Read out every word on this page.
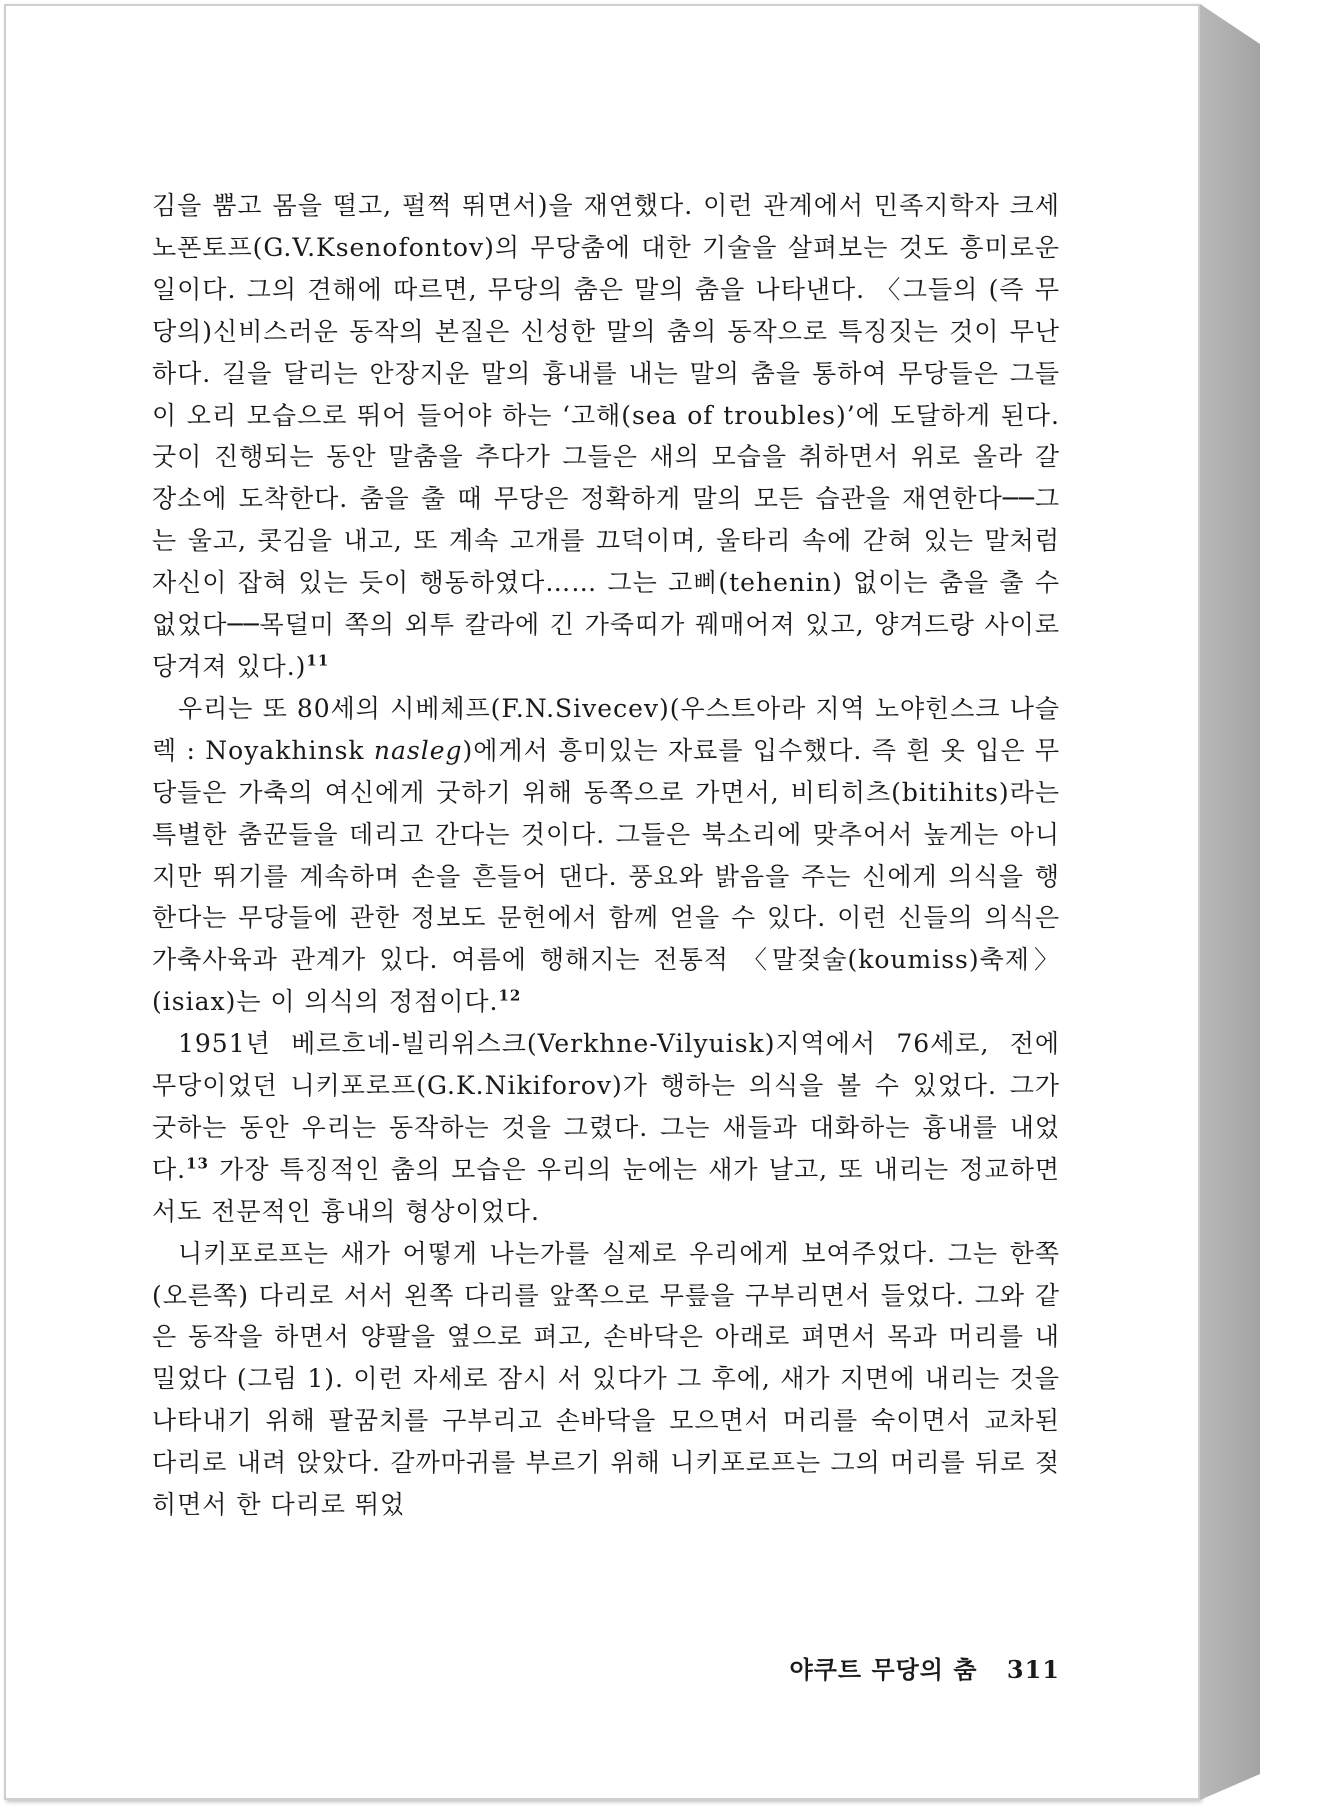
김을 뿜고 몸을 떨고, 펄쩍 뛰면서)을 재연했다. 이런 관계에서 민족지학자 크세노폰토프(G.V.Ksenofontov)의 무당춤에 대한 기술을 살펴보는 것도 흥미로운 일이다. 그의 견해에 따르면, 무당의 춤은 말의 춤을 나타낸다. 〈그들의 (즉 무당의)신비스러운 동작의 본질은 신성한 말의 춤의 동작으로 특징짓는 것이 무난하다. 길을 달리는 안장지운 말의 흉내를 내는 말의 춤을 통하여 무당들은 그들이 오리 모습으로 뛰어 들어야 하는 ‘고해(sea of troubles)’에 도달하게 된다. 굿이 진행되는 동안 말춤을 추다가 그들은 새의 모습을 취하면서 위로 올라 갈 장소에 도착한다. 춤을 출 때 무당은 정확하게 말의 모든 습관을 재연한다──그는 울고, 콧김을 내고, 또 계속 고개를 끄덕이며, 울타리 속에 갇혀 있는 말처럼 자신이 잡혀 있는 듯이 행동하였다…… 그는 고삐(tehenin) 없이는 춤을 출 수 없었다──목덜미 쪽의 외투 칼라에 긴 가죽띠가 꿰매어져 있고, 양겨드랑 사이로 당겨져 있다.)$^{11}$

우리는 또 80세의 시베체프(F.N.Sivecev)(우스트아라 지역 노야힌스크 나슬렉 : Noyakhinsk nasleg)에게서 흥미있는 자료를 입수했다. 즉 흰 옷 입은 무당들은 가축의 여신에게 굿하기 위해 동쪽으로 가면서, 비티히츠(bitihits)라는 특별한 춤꾼들을 데리고 간다는 것이다. 그들은 북소리에 맞추어서 높게는 아니지만 뛰기를 계속하며 손을 흔들어 댄다. 풍요와 밝음을 주는 신에게 의식을 행한다는 무당들에 관한 정보도 문헌에서 함께 얻을 수 있다. 이런 신들의 의식은 가축사육과 관계가 있다. 여름에 행해지는 전통적 〈말젖술(koumiss)축제〉(isiax)는 이 의식의 정점이다.$^{12}$

1951년 베르흐네-빌리위스크(Verkhne-Vilyuisk)지역에서 76세로, 전에 무당이었던 니키포로프(G.K.Nikiforov)가 행하는 의식을 볼 수 있었다. 그가 굿하는 동안 우리는 동작하는 것을 그렸다. 그는 새들과 대화하는 흉내를 내었다.$^{13}$ 가장 특징적인 춤의 모습은 우리의 눈에는 새가 날고, 또 내리는 정교하면서도 전문적인 흉내의 형상이었다.

니키포로프는 새가 어떻게 나는가를 실제로 우리에게 보여주었다. 그는 한쪽(오른쪽) 다리로 서서 왼쪽 다리를 앞쪽으로 무릎을 구부리면서 들었다. 그와 같은 동작을 하면서 양팔을 옆으로 펴고, 손바닥은 아래로 펴면서 목과 머리를 내밀었다 (그림 1). 이런 자세로 잠시 서 있다가 그 후에, 새가 지면에 내리는 것을 나타내기 위해 팔꿈치를 구부리고 손바닥을 모으면서 머리를 숙이면서 교차된 다리로 내려 앉았다. 갈까마귀를 부르기 위해 니키포로프는 그의 머리를 뒤로 젖히면서 한 다리로 뛰었

야쿠트 무당의 춤 311
